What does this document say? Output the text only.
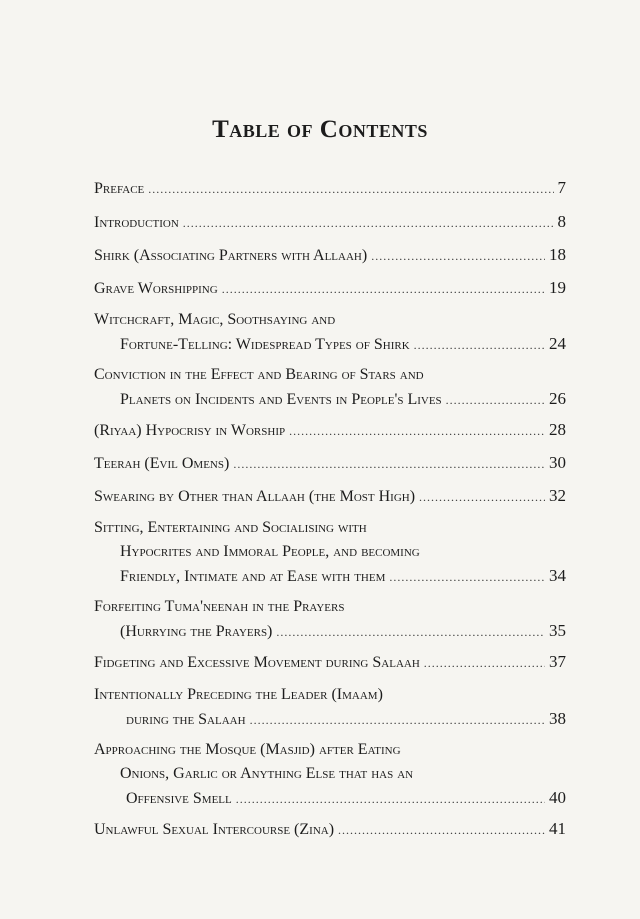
Table of Contents
Preface .....	7
Introduction .....	8
Shirk (Associating Partners with Allaah) .....	18
Grave Worshipping .....	19
Witchcraft, Magic, Soothsaying and
Fortune-Telling: Widespread Types of Shirk .....	24
Conviction in the Effect and Bearing of Stars and
Planets on Incidents and Events in People's Lives .....	26
(Riyaa) Hypocrisy in Worship .....	28
Teerah (Evil Omens) .....	30
Swearing by Other than Allaah (the Most High) .....	32
Sitting, Entertaining and Socialising with
Hypocrites and Immoral People, and becoming
Friendly, Intimate and at Ease with them .....	34
Forfeiting Tuma'neenah in the Prayers
(Hurrying the Prayers) .....	35
Fidgeting and Excessive Movement during Salaah .....	37
Intentionally Preceding the Leader (Imaam)
during the Salaah .....	38
Approaching the Mosque (Masjid) after Eating
Onions, Garlic or Anything Else that has an
Offensive Smell .....	40
Unlawful Sexual Intercourse (Zina) .....	41
